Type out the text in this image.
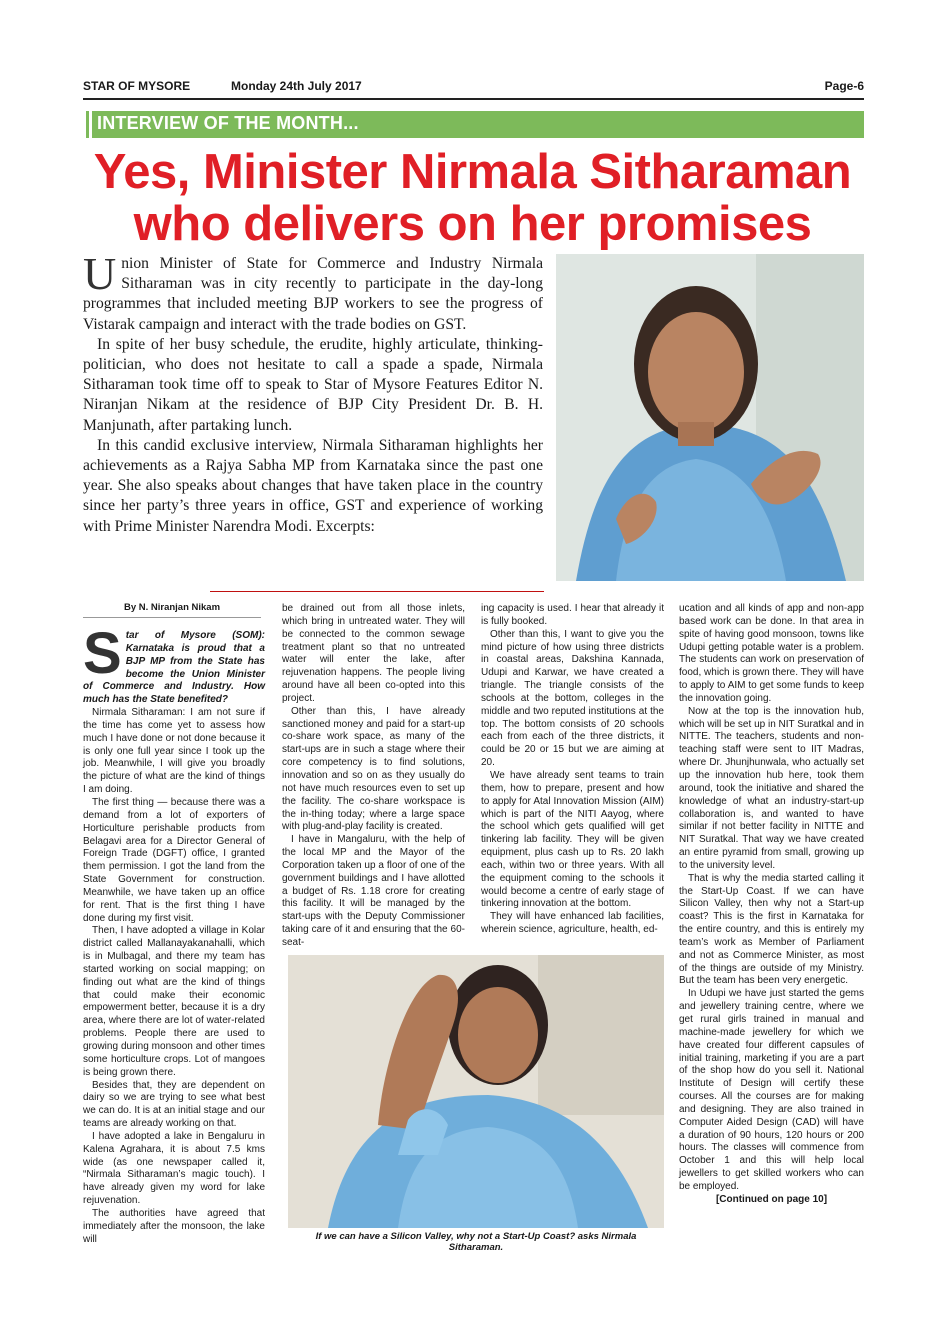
STAR OF MYSORE	Monday 24th July 2017	Page-6
INTERVIEW OF THE MONTH...
Yes, Minister Nirmala Sitharaman
who delivers on her promises

Union Minister of State for Commerce and Industry Nirmala Sitharaman was in city recently to participate in the day-long programmes that included meeting BJP workers to see the progress of Vistarak campaign and interact with the trade bodies on GST.

In spite of her busy schedule, the erudite, highly articulate, thinking-politician, who does not hesitate to call a spade a spade, Nirmala Sitharaman took time off to speak to Star of Mysore Features Editor N. Niranjan Nikam at the residence of BJP City President Dr. B. H. Manjunath, after partaking lunch.

In this candid exclusive interview, Nirmala Sitharaman highlights her achievements as a Rajya Sabha MP from Karnataka since the past one year. She also speaks about changes that have taken place in the country since her party’s three years in office, GST and experience of working with Prime Minister Narendra Modi. Excerpts:

By N. Niranjan Nikam

Star of Mysore (SOM): Karnataka is proud that a BJP MP from the State has become the Union Minister of Commerce and Industry. How much has the State benefited?

Nirmala Sitharaman: I am not sure if the time has come yet to assess how much I have done or not done because it is only one full year since I took up the job. Meanwhile, I will give you broadly the picture of what are the kind of things I am doing.

The first thing — because there was a demand from a lot of exporters of Horticulture perishable products from Belagavi area for a Director General of Foreign Trade (DGFT) office, I granted them permission. I got the land from the State Government for construction. Meanwhile, we have taken up an office for rent. That is the first thing I have done during my first visit.

Then, I have adopted a village in Kolar district called Mallanayakanahalli, which is in Mulbagal, and there my team has started working on social mapping; on finding out what are the kind of things that could make their economic empowerment better, because it is a dry area, where there are lot of water-related problems. People there are used to growing during monsoon and other times some horticulture crops. Lot of mangoes is being grown there.

Besides that, they are dependent on dairy so we are trying to see what best we can do. It is at an initial stage and our teams are already working on that.

I have adopted a lake in Bengaluru in Kalena Agrahara, it is about 7.5 kms wide (as one newspaper called it, “Nirmala Sitharaman’s magic touch). I have already given my word for lake rejuvenation.

The authorities have agreed that immediately after the monsoon, the lake will

be drained out from all those inlets, which bring in untreated water. They will be connected to the common sewage treatment plant so that no untreated water will enter the lake, after rejuvenation happens. The people living around have all been co-opted into this project.

Other than this, I have already sanctioned money and paid for a start-up co-share work space, as many of the start-ups are in such a stage where their core competency is to find solutions, innovation and so on as they usually do not have much resources even to set up the facility. The co-share workspace is the in-thing today; where a large space with plug-and-play facility is created.

I have in Mangaluru, with the help of the local MP and the Mayor of the Corporation taken up a floor of one of the government buildings and I have allotted a budget of Rs. 1.18 crore for creating this facility. It will be managed by the start-ups with the Deputy Commissioner taking care of it and ensuring that the 60-seat-

ing capacity is used. I hear that already it is fully booked.

Other than this, I want to give you the mind picture of how using three districts in coastal areas, Dakshina Kannada, Udupi and Karwar, we have created a triangle. The triangle consists of the schools at the bottom, colleges in the middle and two reputed institutions at the top. The bottom consists of 20 schools each from each of the three districts, it could be 20 or 15 but we are aiming at 20.

We have already sent teams to train them, how to prepare, present and how to apply for Atal Innovation Mission (AIM) which is part of the NITI Aayog, where the school which gets qualified will get tinkering lab facility. They will be given equipment, plus cash up to Rs. 20 lakh each, within two or three years. With all the equipment coming to the schools it would become a centre of early stage of tinkering innovation at the bottom.

They will have enhanced lab facilities, wherein science, agriculture, health, ed-

ucation and all kinds of app and non-app based work can be done. In that area in spite of having good monsoon, towns like Udupi getting potable water is a problem. The students can work on preservation of food, which is grown there. They will have to apply to AIM to get some funds to keep the innovation going.

Now at the top is the innovation hub, which will be set up in NIT Suratkal and in NITTE. The teachers, students and non-teaching staff were sent to IIT Madras, where Dr. Jhunjhunwala, who actually set up the innovation hub here, took them around, took the initiative and shared the knowledge of what an industry-start-up collaboration is, and wanted to have similar if not better facility in NITTE and NIT Suratkal. That way we have created an entire pyramid from small, growing up to the university level.

That is why the media started calling it the Start-Up Coast. If we can have Silicon Valley, then why not a Start-up coast? This is the first in Karnataka for the entire country, and this is entirely my team’s work as Member of Parliament and not as Commerce Minister, as most of the things are outside of my Ministry. But the team has been very energetic.

In Udupi we have just started the gems and jewellery training centre, where we get rural girls trained in manual and machine-made jewellery for which we have created four different capsules of initial training, marketing if you are a part of the shop how do you sell it. National Institute of Design will certify these courses. All the courses are for making and designing. They are also trained in Computer Aided Design (CAD) will have a duration of 90 hours, 120 hours or 200 hours. The classes will commence from October 1 and this will help local jewellers to get skilled workers who can be employed.

[Continued on page 10]

If we can have a Silicon Valley, why not a Start-Up Coast? asks Nirmala Sitharaman.
